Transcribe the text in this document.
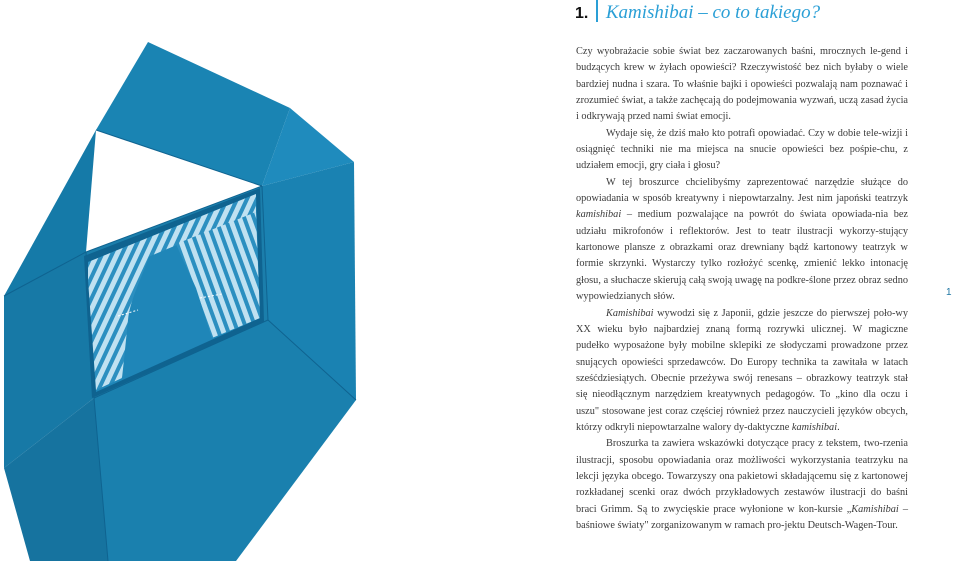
1. Kamishibai – co to takiego?

Czy wyobrażacie sobie świat bez zaczarowanych baśni, mrocznych le-gend i budzących krew w żyłach opowieści? Rzeczywistość bez nich byłaby o wiele bardziej nudna i szara. To właśnie bajki i opowieści pozwalają nam poznawać i zrozumieć świat, a także zachęcają do podejmowania wyzwań, uczą zasad życia i odkrywają przed nami świat emocji.

Wydaje się, że dziś mało kto potrafi opowiadać. Czy w dobie tele-wizji i osiągnięć techniki nie ma miejsca na snucie opowieści bez pośpie-chu, z udziałem emocji, gry ciała i głosu?

W tej broszurce chcielibyśmy zaprezentować narzędzie służące do opowiadania w sposób kreatywny i niepowtarzalny. Jest nim japoński teatrzyk kamishibai – medium pozwalające na powrót do świata opowiada-nia bez udziału mikrofonów i reflektorów. Jest to teatr ilustracji wykorzy-stujący kartonowe plansze z obrazkami oraz drewniany bądź kartonowy teatrzyk w formie skrzynki. Wystarczy tylko rozłożyć scenkę, zmienić lekko intonację głosu, a słuchacze skierują całą swoją uwagę na podkre-ślone przez obraz sedno wypowiedzianych słów.

Kamishibai wywodzi się z Japonii, gdzie jeszcze do pierwszej poło-wy XX wieku było najbardziej znaną formą rozrywki ulicznej. W magiczne pudełko wyposażone były mobilne sklepiki ze słodyczami prowadzone przez snujących opowieści sprzedawców. Do Europy technika ta zawitała w latach sześćdziesiątych. Obecnie przeżywa swój renesans – obrazkowy teatrzyk stał się nieodłącznym narzędziem kreatywnych pedagogów. To „kino dla oczu i uszu" stosowane jest coraz częściej również przez nauczycieli języków obcych, którzy odkryli niepowtarzalne walory dy-daktyczne kamishibai.

Broszurka ta zawiera wskazówki dotyczące pracy z tekstem, two-rzenia ilustracji, sposobu opowiadania oraz możliwości wykorzystania teatrzyku na lekcji języka obcego. Towarzyszy ona pakietowi składającemu się z kartonowej rozkładanej scenki oraz dwóch przykładowych zestawów ilustracji do baśni braci Grimm. Są to zwycięskie prace wyłonione w kon-kursie „Kamishibai – baśniowe światy" zorganizowanym w ramach pro-jektu Deutsch-Wagen-Tour.

1
